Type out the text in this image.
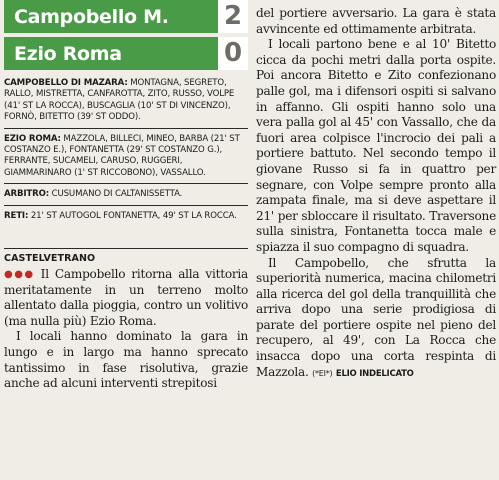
Campobello M. 2
Ezio Roma	0
CAMPOBELLO DI MAZARA: MONTAGNA, SEGRETO, RALLO, MISTRETTA, CANFAROTTA, ZITO, RUSSO, VOLPE (41' ST LA ROCCA), BUSCAGLIA (10' ST DI VINCENZO), FORNÒ, BITETTO (39' ST ODDO).
EZIO ROMA: MAZZOLA, BILLECI, MINEO, BARBA (21' ST COSTANZO E.), FONTANETTA (29' ST COSTANZO G.), FERRANTE, SUCAMELI, CARUSO, RUGGERI, GIAMMARINARO (1' ST RICCOBONO), VASSALLO.
ARBITRO: CUSUMANO DI CALTANISSETTA.
RETI: 21' ST AUTOGOL FONTANETTA, 49' ST LA ROCCA.
CASTELVETRANO

●●● Il Campobello ritorna alla vittoria meritatamente in un terreno molto allentato dalla pioggia, contro un volitivo (ma nulla più) Ezio Roma.

I locali hanno dominato la gara in lungo e in largo ma hanno sprecato tantissimo in fase risolutiva, grazie anche ad alcuni interventi strepitosi

del portiere avversario. La gara è stata avvincente ed ottimamente arbitrata.

I locali partono bene e al 10' Bitetto cicca da pochi metri dalla porta ospite. Poi ancora Bitetto e Zito confezionano palle gol, ma i difensori ospiti si salvano in affanno. Gli ospiti hanno solo una vera palla gol al 45' con Vassallo, che da fuori area colpisce l'incrocio dei pali a portiere battuto. Nel secondo tempo il giovane Russo si fa in quattro per segnare, con Volpe sempre pronto alla zampata finale, ma si deve aspettare il 21' per sbloccare il risultato. Traversone sulla sinistra, Fontanetta tocca male e spiazza il suo compagno di squadra.

Il Campobello, che sfrutta la superiorità numerica, macina chilometri alla ricerca del gol della tranquillità che arriva dopo una serie prodigiosa di parate del portiere ospite nel pieno del recupero, al 49', con La Rocca che insacca dopo una corta respinta di Mazzola. (*EI*) ELIO INDELICATO
